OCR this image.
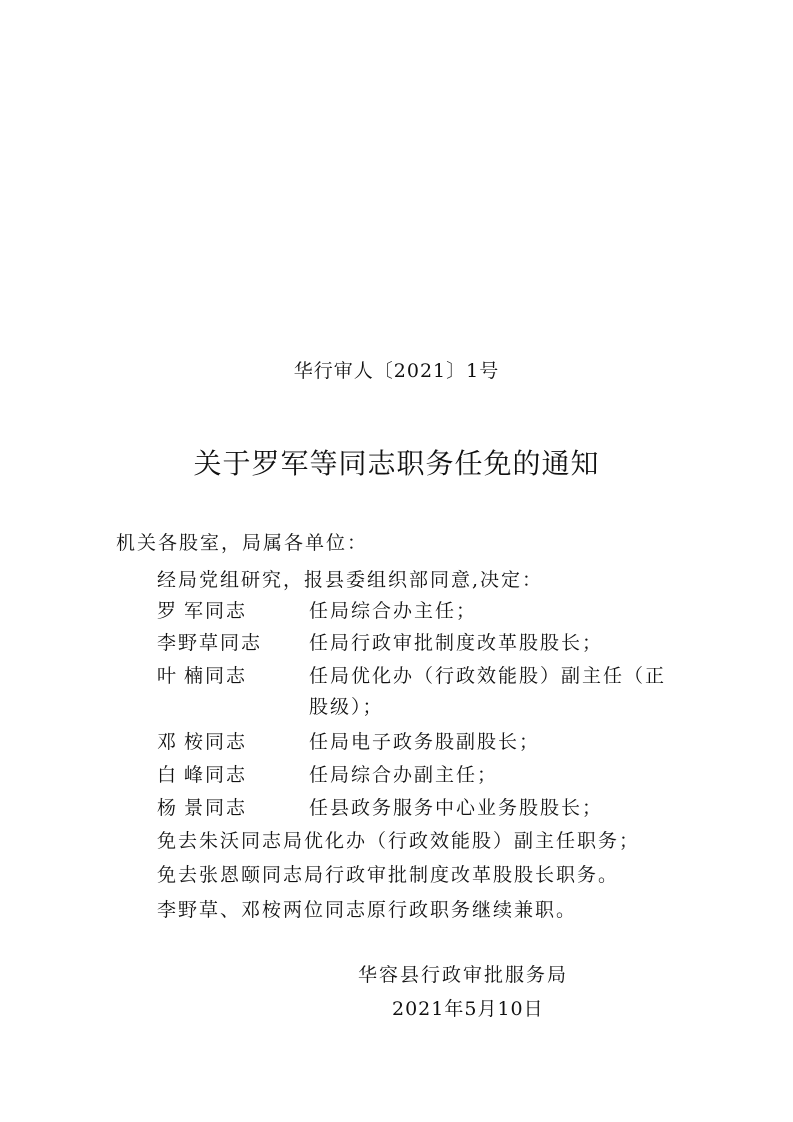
华行审人〔2021〕1号
关于罗军等同志职务任免的通知
机关各股室，局属各单位：
经局党组研究，报县委组织部同意,决定：
罗 军同志	任局综合办主任；
李野草同志 任局行政审批制度改革股股长；
叶 楠同志	任局优化办（行政效能股）副主任（正
股级）；
邓 桉同志	任局电子政务股副股长；
白 峰同志	任局综合办副主任；
杨 景同志	任县政务服务中心业务股股长；
免去朱沃同志局优化办（行政效能股）副主任职务；
免去张恩颐同志局行政审批制度改革股股长职务。
李野草、邓桉两位同志原行政职务继续兼职。
华容县行政审批服务局
2021年5月10日
